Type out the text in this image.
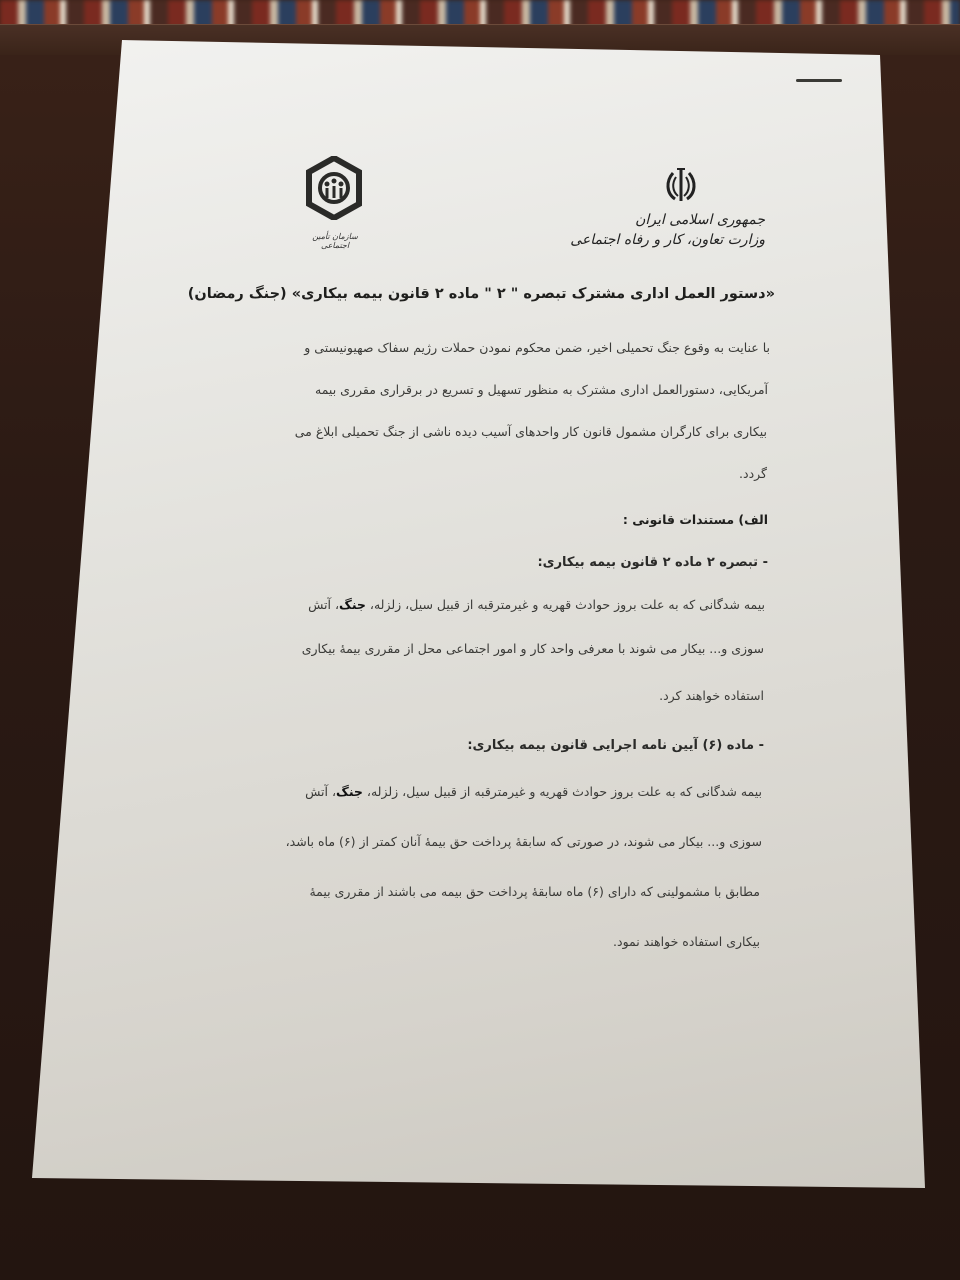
جمهوری اسلامی ایران
وزارت تعاون، کار و رفاه اجتماعی
سازمان تأمین اجتماعی
«دستور العمل اداری مشترک تبصره " ۲ " ماده ۲ قانون بیمه بیکاری» (جنگ رمضان)
با عنایت به وقوع جنگ تحمیلی اخیر، ضمن محکوم نمودن حملات رژیم سفاک صهیونیستی و
آمریکایی، دستورالعمل اداری مشترک به منظور تسهیل و تسریع در برقراری مقرری بیمه
بیکاری برای کارگران مشمول قانون کار واحدهای آسیب دیده ناشی از جنگ تحمیلی ابلاغ می
گردد.
الف) مستندات قانونی :
- تبصره ۲ ماده ۲ قانون بیمه بیکاری:
بیمه شدگانی که به علت بروز حوادث قهریه و غیرمترقبه از قبیل سیل، زلزله، جنگ، آتش
سوزی و... بیکار می شوند با معرفی واحد کار و امور اجتماعی محل از مقرری بیمهٔ بیکاری
استفاده خواهند کرد.
- ماده (۶) آیین نامه اجرایی قانون بیمه بیکاری:
بیمه شدگانی که به علت بروز حوادث قهریه و غیرمترقبه از قبیل سیل، زلزله، جنگ، آتش
سوزی و... بیکار می شوند، در صورتی که سابقهٔ پرداخت حق بیمهٔ آنان کمتر از (۶) ماه باشد،
مطابق با مشمولینی که دارای (۶) ماه سابقهٔ پرداخت حق بیمه می باشند از مقرری بیمهٔ
بیکاری استفاده خواهند نمود.
